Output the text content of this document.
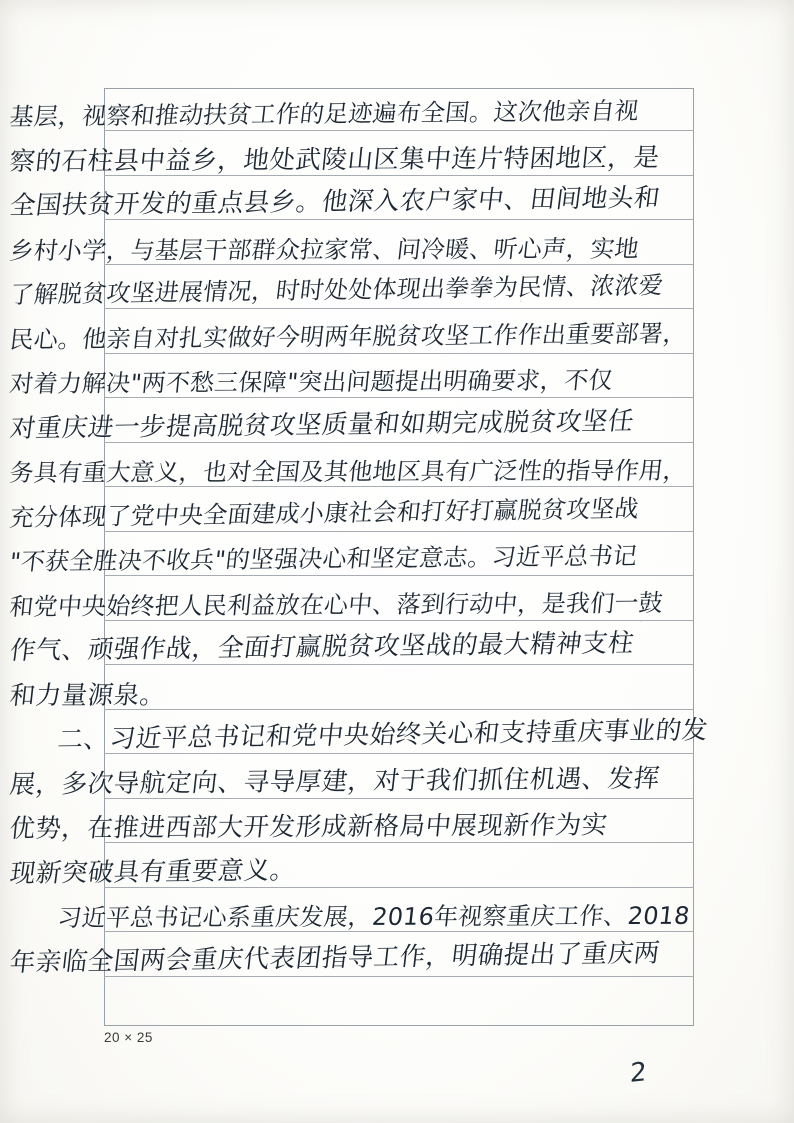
基层，视察和推动扶贫工作的足迹遍布全国。这次他亲自视
察的石柱县中益乡，地处武陵山区集中连片特困地区，是
全国扶贫开发的重点县乡。他深入农户家中、田间地头和
乡村小学，与基层干部群众拉家常、问冷暖、听心声，实地
了解脱贫攻坚进展情况，时时处处体现出拳拳为民情、浓浓爱
民心。他亲自对扎实做好今明两年脱贫攻坚工作作出重要部署，
对着力解决"两不愁三保障"突出问题提出明确要求，不仅
对重庆进一步提高脱贫攻坚质量和如期完成脱贫攻坚任
务具有重大意义，也对全国及其他地区具有广泛性的指导作用，
充分体现了党中央全面建成小康社会和打好打赢脱贫攻坚战
"不获全胜决不收兵"的坚强决心和坚定意志。习近平总书记
和党中央始终把人民利益放在心中、落到行动中，是我们一鼓
作气、顽强作战，全面打赢脱贫攻坚战的最大精神支柱
和力量源泉。
二、习近平总书记和党中央始终关心和支持重庆事业的发
展，多次导航定向、寻导厚建，对于我们抓住机遇、发挥
优势，在推进西部大开发形成新格局中展现新作为实
现新突破具有重要意义。
习近平总书记心系重庆发展，2016年视察重庆工作、2018
年亲临全国两会重庆代表团指导工作，明确提出了重庆两
20 × 25
2
